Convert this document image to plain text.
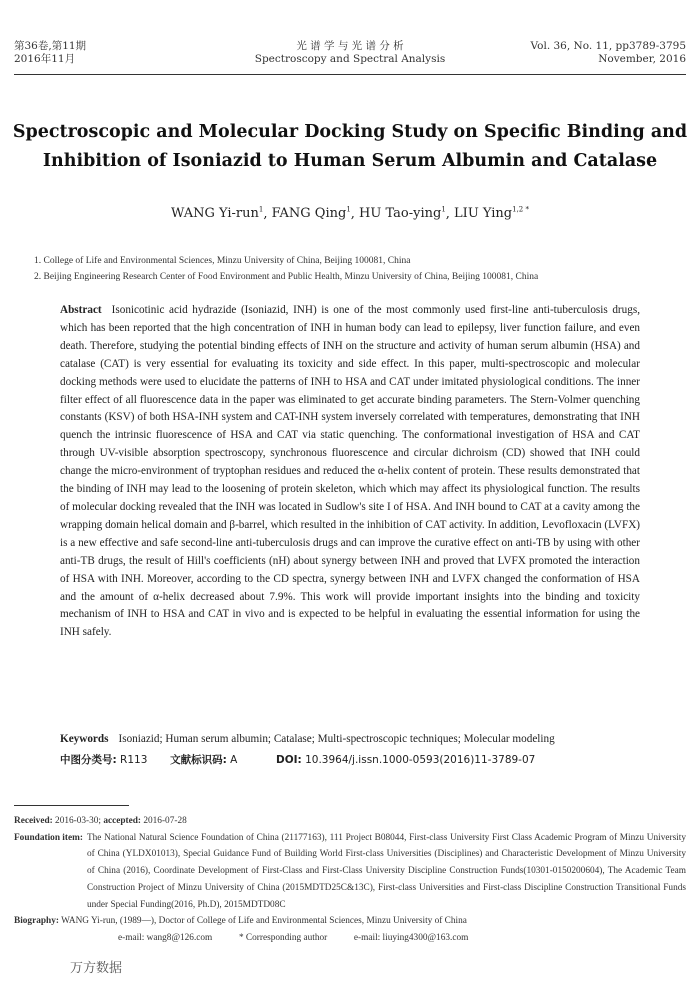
第36卷,第11期
2016年11月
光 谱 学 与 光 谱 分 析
Spectroscopy and Spectral Analysis
Vol. 36, No. 11, pp3789-3795
November, 2016
Spectroscopic and Molecular Docking Study on Specific Binding and
Inhibition of Isoniazid to Human Serum Albumin and Catalase
WANG Yi-run$^1$, FANG Qing$^1$, HU Tao-ying$^1$, LIU Ying$^{1,2 *}$
1. College of Life and Environmental Sciences, Minzu University of China, Beijing 100081, China
2. Beijing Engineering Research Center of Food Environment and Public Health, Minzu University of China, Beijing 100081, China
Abstract Isonicotinic acid hydrazide (Isoniazid, INH) is one of the most commonly used first-line anti-tuberculosis drugs, which has been reported that the high concentration of INH in human body can lead to epilepsy, liver function failure, and even death. Therefore, studying the potential binding effects of INH on the structure and activity of human serum albumin (HSA) and catalase (CAT) is very essential for evaluating its toxicity and side effect. In this paper, multi-spectroscopic and molecular docking methods were used to elucidate the patterns of INH to HSA and CAT under imitated physiological conditions. The inner filter effect of all fluorescence data in the paper was eliminated to get accurate binding parameters. The Stern-Volmer quenching constants (KSV) of both HSA-INH system and CAT-INH system inversely correlated with temperatures, demonstrating that INH quench the intrinsic fluorescence of HSA and CAT via static quenching. The conformational investigation of HSA and CAT through UV-visible absorption spectroscopy, synchronous fluorescence and circular dichroism (CD) showed that INH could change the micro-environment of tryptophan residues and reduced the α-helix content of protein. These results demonstrated that the binding of INH may lead to the loosening of protein skeleton, which which may affect its physiological function. The results of molecular docking revealed that the INH was located in Sudlow's site I of HSA. And INH bound to CAT at a cavity among the wrapping domain helical domain and β-barrel, which resulted in the inhibition of CAT activity. In addition, Levofloxacin (LVFX) is a new effective and safe second-line anti-tuberculosis drugs and can improve the curative effect on anti-TB by using with other anti-TB drugs, the result of Hill's coefficients (nH) about synergy between INH and proved that LVFX promoted the interaction of HSA with INH. Moreover, according to the CD spectra, synergy between INH and LVFX changed the conformation of HSA and the amount of α-helix decreased about 7.9%. This work will provide important insights into the binding and toxicity mechanism of INH to HSA and CAT in vivo and is expected to be helpful in evaluating the essential information for using the INH safely.
Keywords Isoniazid; Human serum albumin; Catalase; Multi-spectroscopic techniques; Molecular modeling
中图分类号: R113 文献标识码: A	DOI: 10.3964/j.issn.1000-0593(2016)11-3789-07
Received: 2016-03-30; accepted: 2016-07-28
Foundation item: The National Natural Science Foundation of China (21177163), 111 Project B08044, First-class University First Class Academic Program of Minzu University of China (YLDX01013), Special Guidance Fund of Building World First-class Universities (Disciplines) and Characteristic Development of Minzu University of China (2016), Coordinate Development of First-Class and First-Class University Discipline Construction Funds(10301-0150200604), The Academic Team Construction Project of Minzu University of China (2015MDTD25C&13C), First-class Universities and First-class Discipline Construction Transitional Funds under Special Funding(2016, Ph.D), 2015MDTD08C
Biography: WANG Yi-run, (1989—), Doctor of College of Life and Environmental Sciences, Minzu University of China
e-mail: wang8@126.com	* Corresponding author	e-mail: liuying4300@163.com
万方数据
